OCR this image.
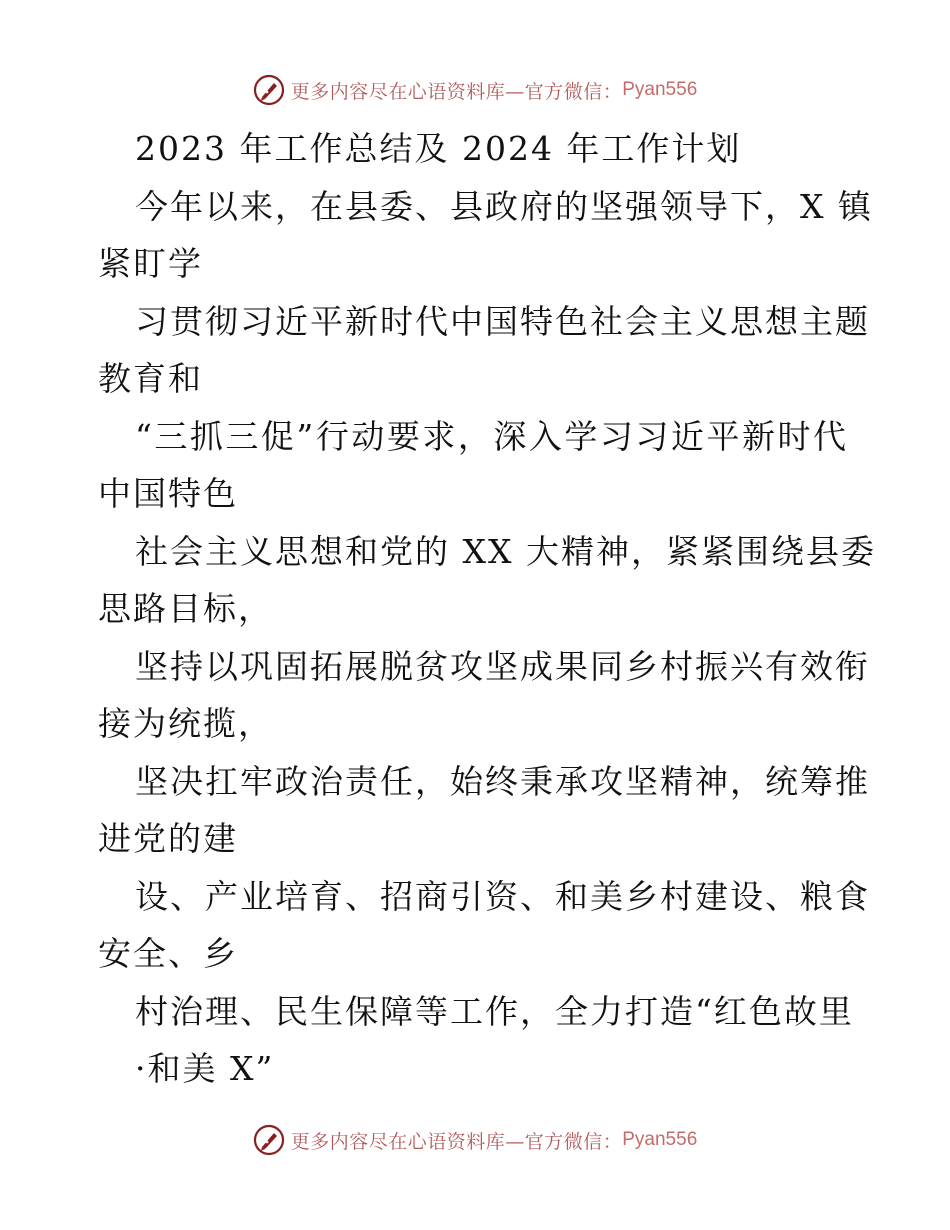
更多内容尽在心语资料库—官方微信： Pyan556
2023 年工作总结及 2024 年工作计划
今年以来，在县委、县政府的坚强领导下，X 镇
紧盯学
习贯彻习近平新时代中国特色社会主义思想主题
教育和
“三抓三促”行动要求，深入学习习近平新时代
中国特色
社会主义思想和党的 XX 大精神，紧紧围绕县委
思路目标，
坚持以巩固拓展脱贫攻坚成果同乡村振兴有效衔
接为统揽，
坚决扛牢政治责任，始终秉承攻坚精神，统筹推
进党的建
设、产业培育、招商引资、和美乡村建设、粮食
安全、乡
村治理、民生保障等工作，全力打造“红色故里
·和美 X”
更多内容尽在心语资料库—官方微信： Pyan556
